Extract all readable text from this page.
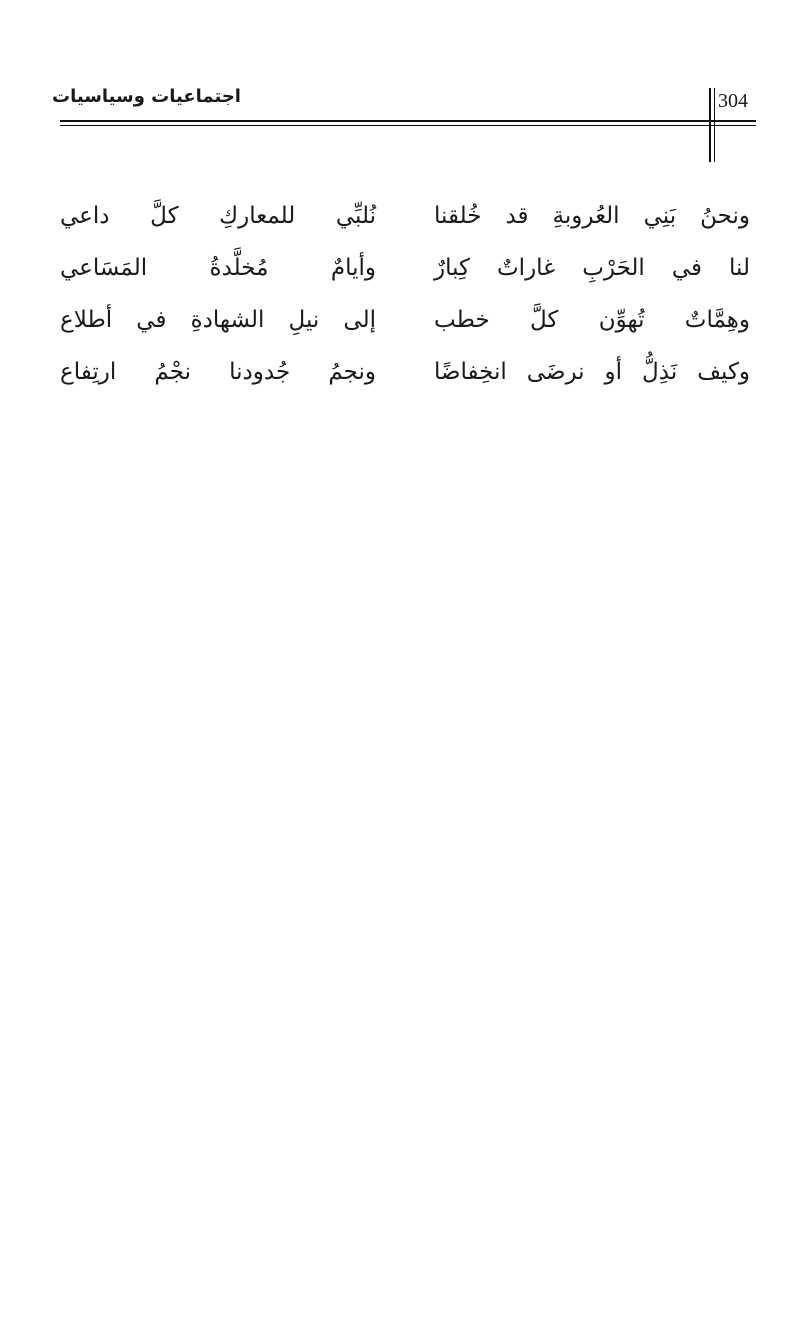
اجتماعيات وسياسيات	304
ونحنُ بَنِي العُروبةِ قد خُلقنا
نُلبِّي للمعاركِ كلَّ داعي
لنا في الحَرْبِ غاراتٌ كِبارٌ
وأيامٌ مُخلَّدةُ المَسَاعي
وهِمَّاتٌ تُهوِّن كلَّ خطب
إلى نيلِ الشهادةِ في أطلاع
وكيف نَذِلُّ أو نرضَى انخِفاضًا
ونجمُ جُدودنا نجْمُ ارتِفاع
